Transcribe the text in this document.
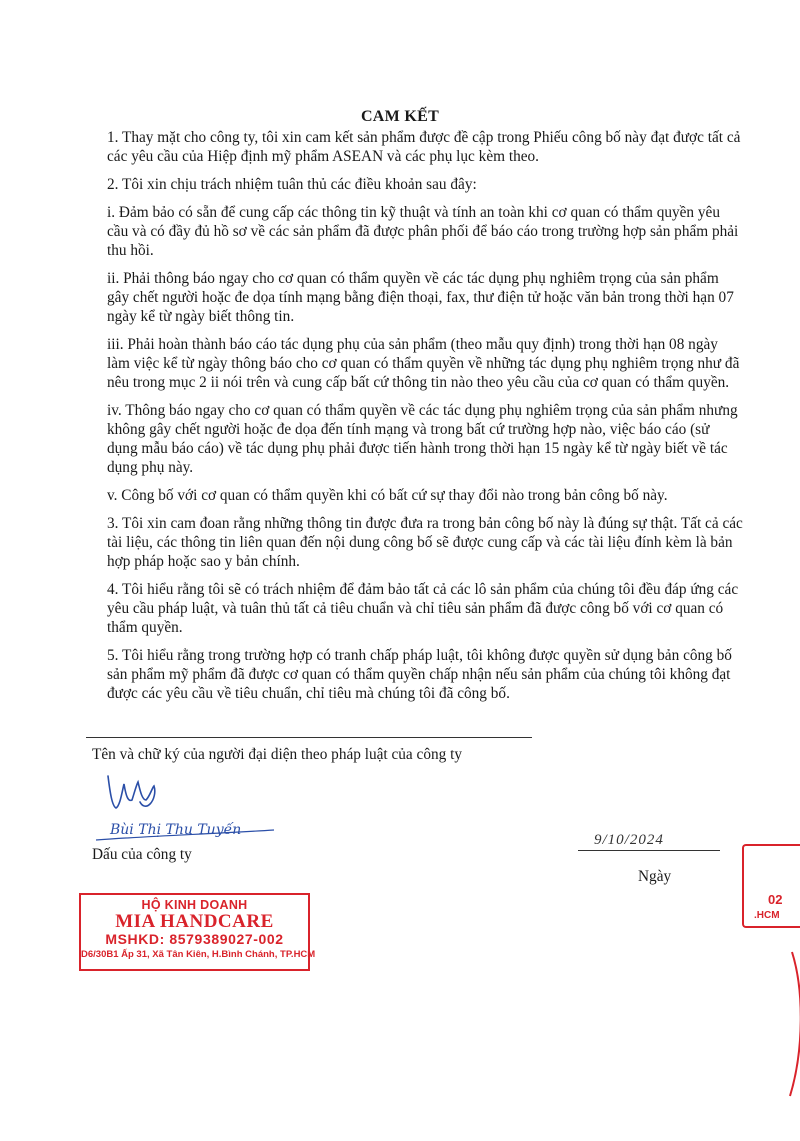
CAM KẾT

1. Thay mặt cho công ty, tôi xin cam kết sản phẩm được đề cập trong Phiếu công bố này đạt được tất cả các yêu cầu của Hiệp định mỹ phẩm ASEAN và các phụ lục kèm theo.

2. Tôi xin chịu trách nhiệm tuân thủ các điều khoản sau đây:

i. Đảm bảo có sẵn để cung cấp các thông tin kỹ thuật và tính an toàn khi cơ quan có thẩm quyền yêu cầu và có đầy đủ hồ sơ về các sản phẩm đã được phân phối để báo cáo trong trường hợp sản phẩm phải thu hồi.

ii. Phải thông báo ngay cho cơ quan có thẩm quyền về các tác dụng phụ nghiêm trọng của sản phẩm gây chết người hoặc đe dọa tính mạng bằng điện thoại, fax, thư điện tử hoặc văn bản trong thời hạn 07 ngày kể từ ngày biết thông tin.

iii. Phải hoàn thành báo cáo tác dụng phụ của sản phẩm (theo mẫu quy định) trong thời hạn 08 ngày làm việc kể từ ngày thông báo cho cơ quan có thẩm quyền về những tác dụng phụ nghiêm trọng như đã nêu trong mục 2 ii nói trên và cung cấp bất cứ thông tin nào theo yêu cầu của cơ quan có thẩm quyền.

iv. Thông báo ngay cho cơ quan có thẩm quyền về các tác dụng phụ nghiêm trọng của sản phẩm nhưng không gây chết người hoặc đe dọa đến tính mạng và trong bất cứ trường hợp nào, việc báo cáo (sử dụng mẫu báo cáo) về tác dụng phụ phải được tiến hành trong thời hạn 15 ngày kể từ ngày biết về tác dụng phụ này.

v. Công bố với cơ quan có thẩm quyền khi có bất cứ sự thay đổi nào trong bản công bố này.

3. Tôi xin cam đoan rằng những thông tin được đưa ra trong bản công bố này là đúng sự thật. Tất cả các tài liệu, các thông tin liên quan đến nội dung công bố sẽ được cung cấp và các tài liệu đính kèm là bản hợp pháp hoặc sao y bản chính.

4. Tôi hiểu rằng tôi sẽ có trách nhiệm để đảm bảo tất cả các lô sản phẩm của chúng tôi đều đáp ứng các yêu cầu pháp luật, và tuân thủ tất cả tiêu chuẩn và chỉ tiêu sản phẩm đã được công bố với cơ quan có thẩm quyền.

5. Tôi hiểu rằng trong trường hợp có tranh chấp pháp luật, tôi không được quyền sử dụng bản công bố sản phẩm mỹ phẩm đã được cơ quan có thẩm quyền chấp nhận nếu sản phẩm của chúng tôi không đạt được các yêu cầu về tiêu chuẩn, chỉ tiêu mà chúng tôi đã công bố.

Tên và chữ ký của người đại diện theo pháp luật của công ty
Bùi Thị Thu Tuyến
Dấu của công ty
9/10/2024
Ngày
HỘ KINH DOANH
MIA HANDCARE
MSHKD: 8579389027-002
D6/30B1 Ấp 31, Xã Tân Kiên, H.Bình Chánh, TP.HCM
02
.HCM
